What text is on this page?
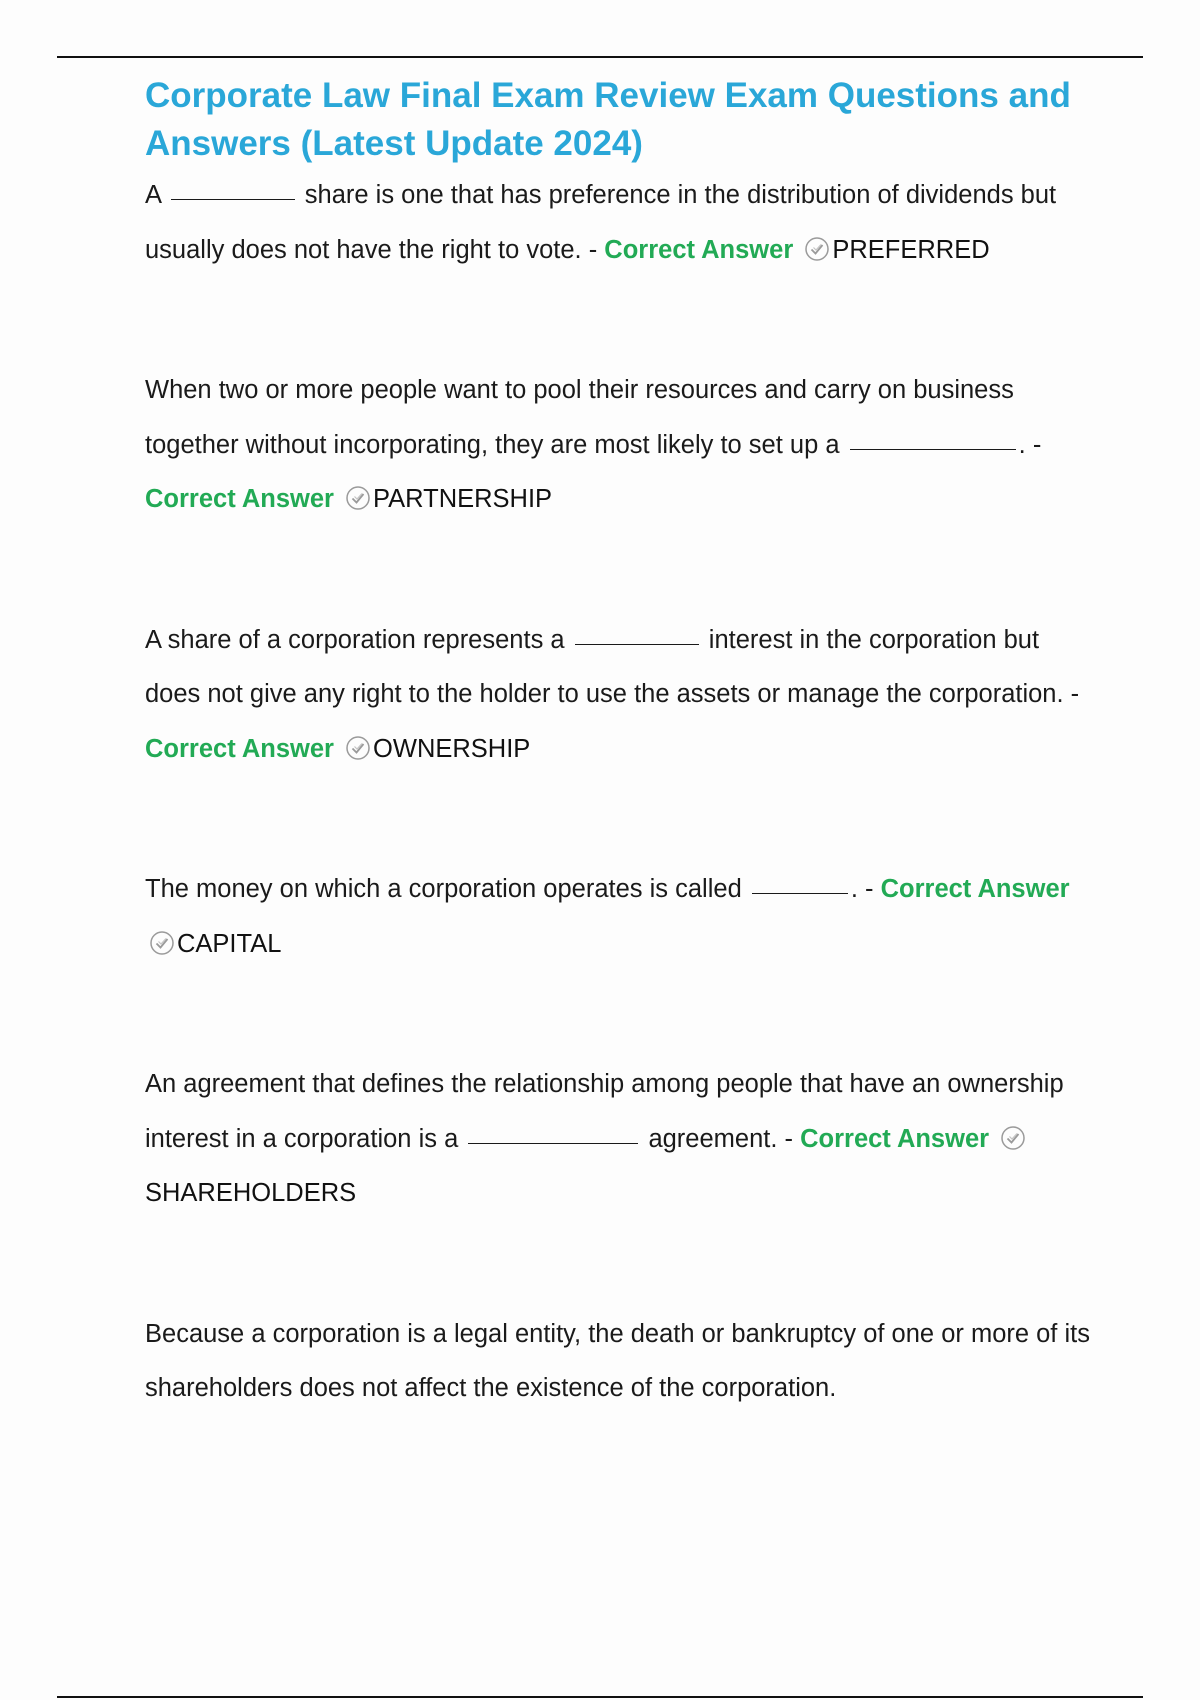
Corporate Law Final Exam Review Exam Questions and Answers (Latest Update 2024)

A	share is one that has preference in the distribution of dividends but usually does not have the right to vote. - Correct Answer PREFERRED

When two or more people want to pool their resources and carry on business together without incorporating, they are most likely to set up a	. - Correct Answer PARTNERSHIP

A share of a corporation represents a	interest in the corporation but does not give any right to the holder to use the assets or manage the corporation. - Correct Answer OWNERSHIP

The money on which a corporation operates is called	. - Correct Answer CAPITAL

An agreement that defines the relationship among people that have an ownership interest in a corporation is a	agreement. - Correct Answer SHAREHOLDERS

Because a corporation is a legal entity, the death or bankruptcy of one or more of its shareholders does not affect the existence of the corporation.
